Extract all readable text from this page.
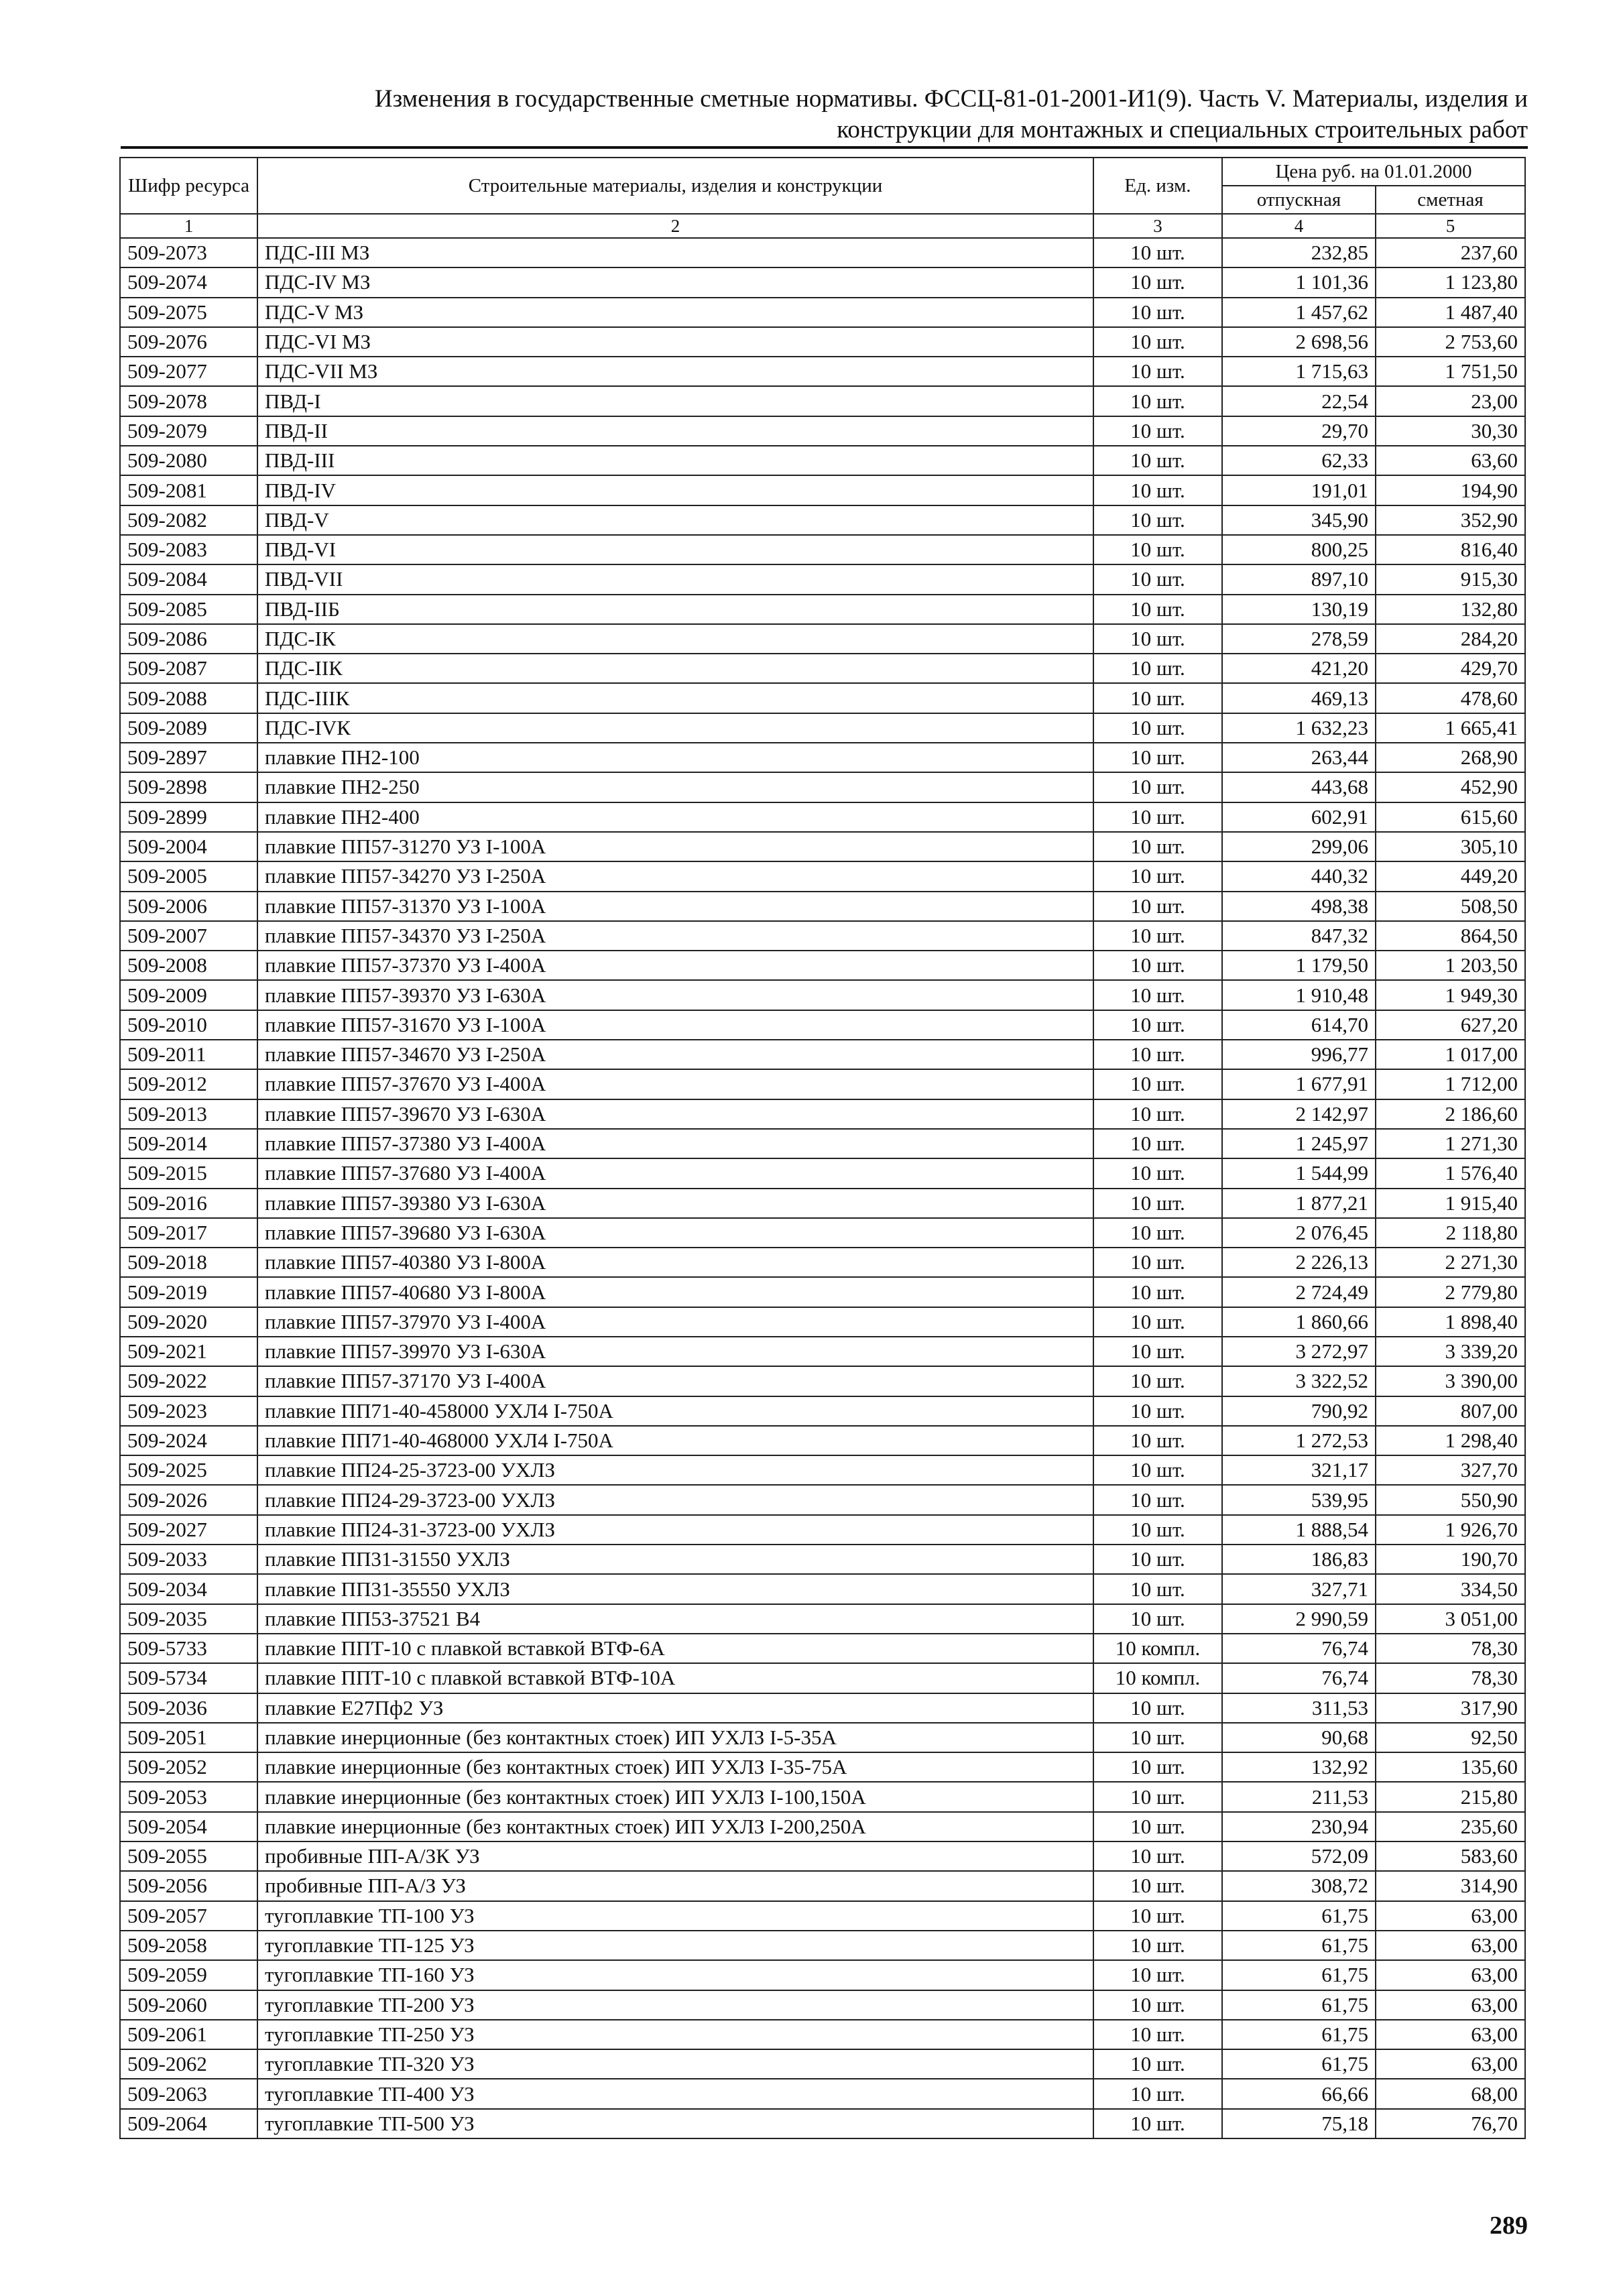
Изменения в государственные сметные нормативы. ФССЦ-81-01-2001-И1(9). Часть V. Материалы, изделия и
конструкции для монтажных и специальных строительных работ
Шифр ресурса	Строительные материалы, изделия и конструкции	Ед. изм.	Цена руб. на 01.01.2000	
			отпускная	сметная
1	2	3	4	5
509-2073	ПДС-III МЗ	10 шт.	232,85	237,60
509-2074	ПДС-IV МЗ	10 шт.	1 101,36	1 123,80
509-2075	ПДС-V МЗ	10 шт.	1 457,62	1 487,40
509-2076	ПДС-VI МЗ	10 шт.	2 698,56	2 753,60
509-2077	ПДС-VII МЗ	10 шт.	1 715,63	1 751,50
509-2078	ПВД-I	10 шт.	22,54	23,00
509-2079	ПВД-II	10 шт.	29,70	30,30
509-2080	ПВД-III	10 шт.	62,33	63,60
509-2081	ПВД-IV	10 шт.	191,01	194,90
509-2082	ПВД-V	10 шт.	345,90	352,90
509-2083	ПВД-VI	10 шт.	800,25	816,40
509-2084	ПВД-VII	10 шт.	897,10	915,30
509-2085	ПВД-IIБ	10 шт.	130,19	132,80
509-2086	ПДС-IК	10 шт.	278,59	284,20
509-2087	ПДС-IIК	10 шт.	421,20	429,70
509-2088	ПДС-IIIК	10 шт.	469,13	478,60
509-2089	ПДС-IVК	10 шт.	1 632,23	1 665,41
509-2897	плавкие ПН2-100	10 шт.	263,44	268,90
509-2898	плавкие ПН2-250	10 шт.	443,68	452,90
509-2899	плавкие ПН2-400	10 шт.	602,91	615,60
509-2004	плавкие ПП57-31270 УЗ I-100А	10 шт.	299,06	305,10
509-2005	плавкие ПП57-34270 УЗ I-250А	10 шт.	440,32	449,20
509-2006	плавкие ПП57-31370 УЗ I-100А	10 шт.	498,38	508,50
509-2007	плавкие ПП57-34370 УЗ I-250А	10 шт.	847,32	864,50
509-2008	плавкие ПП57-37370 УЗ I-400А	10 шт.	1 179,50	1 203,50
509-2009	плавкие ПП57-39370 УЗ I-630А	10 шт.	1 910,48	1 949,30
509-2010	плавкие ПП57-31670 УЗ I-100А	10 шт.	614,70	627,20
509-2011	плавкие ПП57-34670 УЗ I-250А	10 шт.	996,77	1 017,00
509-2012	плавкие ПП57-37670 УЗ I-400А	10 шт.	1 677,91	1 712,00
509-2013	плавкие ПП57-39670 УЗ I-630А	10 шт.	2 142,97	2 186,60
509-2014	плавкие ПП57-37380 УЗ I-400А	10 шт.	1 245,97	1 271,30
509-2015	плавкие ПП57-37680 УЗ I-400А	10 шт.	1 544,99	1 576,40
509-2016	плавкие ПП57-39380 УЗ I-630А	10 шт.	1 877,21	1 915,40
509-2017	плавкие ПП57-39680 УЗ I-630А	10 шт.	2 076,45	2 118,80
509-2018	плавкие ПП57-40380 УЗ I-800А	10 шт.	2 226,13	2 271,30
509-2019	плавкие ПП57-40680 УЗ I-800А	10 шт.	2 724,49	2 779,80
509-2020	плавкие ПП57-37970 УЗ I-400А	10 шт.	1 860,66	1 898,40
509-2021	плавкие ПП57-39970 УЗ I-630А	10 шт.	3 272,97	3 339,20
509-2022	плавкие ПП57-37170 УЗ I-400А	10 шт.	3 322,52	3 390,00
509-2023	плавкие ПП71-40-458000 УХЛ4 I-750А	10 шт.	790,92	807,00
509-2024	плавкие ПП71-40-468000 УХЛ4 I-750А	10 шт.	1 272,53	1 298,40
509-2025	плавкие ПП24-25-3723-00 УХЛЗ	10 шт.	321,17	327,70
509-2026	плавкие ПП24-29-3723-00 УХЛЗ	10 шт.	539,95	550,90
509-2027	плавкие ПП24-31-3723-00 УХЛЗ	10 шт.	1 888,54	1 926,70
509-2033	плавкие ПП31-31550 УХЛЗ	10 шт.	186,83	190,70
509-2034	плавкие ПП31-35550 УХЛЗ	10 шт.	327,71	334,50
509-2035	плавкие ПП53-37521 В4	10 шт.	2 990,59	3 051,00
509-5733	плавкие ППТ-10 с плавкой вставкой ВТФ-6А	10 компл.	76,74	78,30
509-5734	плавкие ППТ-10 с плавкой вставкой ВТФ-10А	10 компл.	76,74	78,30
509-2036	плавкие Е27Пф2 УЗ	10 шт.	311,53	317,90
509-2051	плавкие инерционные (без контактных стоек) ИП УХЛЗ I-5-35А	10 шт.	90,68	92,50
509-2052	плавкие инерционные (без контактных стоек) ИП УХЛЗ I-35-75А	10 шт.	132,92	135,60
509-2053	плавкие инерционные (без контактных стоек) ИП УХЛЗ I-100,150А	10 шт.	211,53	215,80
509-2054	плавкие инерционные (без контактных стоек) ИП УХЛЗ I-200,250А	10 шт.	230,94	235,60
509-2055	пробивные ПП-А/ЗК УЗ	10 шт.	572,09	583,60
509-2056	пробивные ПП-А/З УЗ	10 шт.	308,72	314,90
509-2057	тугоплавкие ТП-100 УЗ	10 шт.	61,75	63,00
509-2058	тугоплавкие ТП-125 УЗ	10 шт.	61,75	63,00
509-2059	тугоплавкие ТП-160 УЗ	10 шт.	61,75	63,00
509-2060	тугоплавкие ТП-200 УЗ	10 шт.	61,75	63,00
509-2061	тугоплавкие ТП-250 УЗ	10 шт.	61,75	63,00
509-2062	тугоплавкие ТП-320 УЗ	10 шт.	61,75	63,00
509-2063	тугоплавкие ТП-400 УЗ	10 шт.	66,66	68,00
509-2064	тугоплавкие ТП-500 УЗ	10 шт.	75,18	76,70
289
